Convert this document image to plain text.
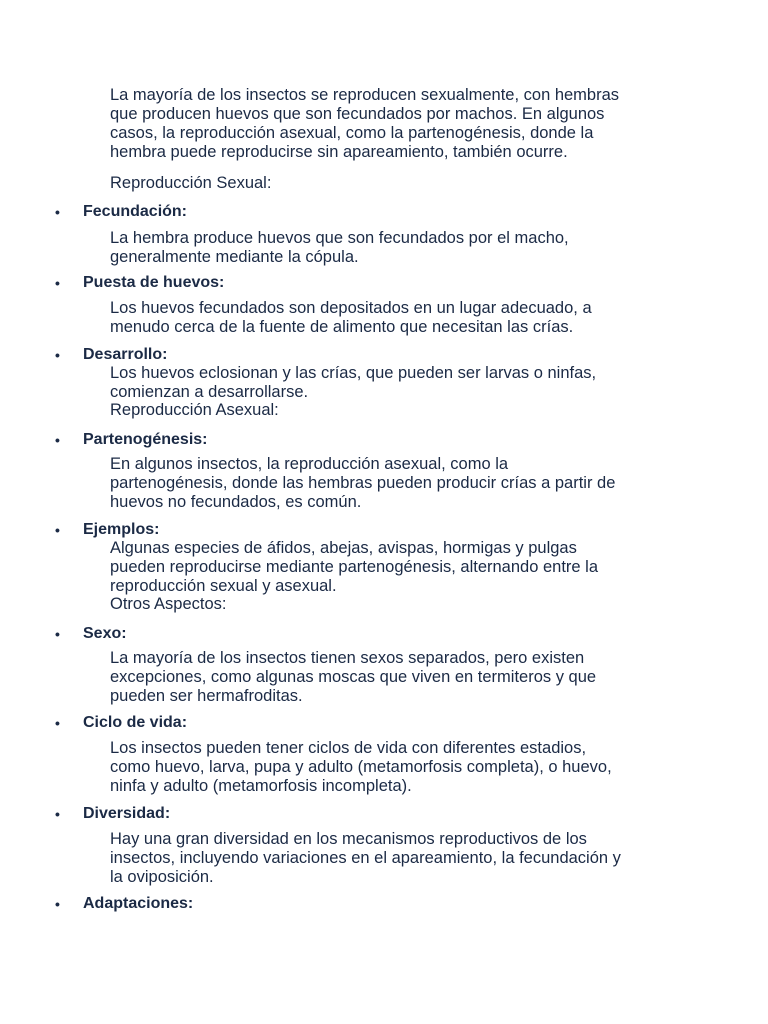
La mayoría de los insectos se reproducen sexualmente, con hembras
que producen huevos que son fecundados por machos. En algunos
casos, la reproducción asexual, como la partenogénesis, donde la
hembra puede reproducirse sin apareamiento, también ocurre.

Reproducción Sexual:

•	Fecundación:

La hembra produce huevos que son fecundados por el macho,
generalmente mediante la cópula.

•	Puesta de huevos:

Los huevos fecundados son depositados en un lugar adecuado, a
menudo cerca de la fuente de alimento que necesitan las crías.

•	Desarrollo:

Los huevos eclosionan y las crías, que pueden ser larvas o ninfas,
comienzan a desarrollarse.

Reproducción Asexual:

•	Partenogénesis:

En algunos insectos, la reproducción asexual, como la
partenogénesis, donde las hembras pueden producir crías a partir de
huevos no fecundados, es común.

•	Ejemplos:

Algunas especies de áfidos, abejas, avispas, hormigas y pulgas
pueden reproducirse mediante partenogénesis, alternando entre la
reproducción sexual y asexual.

Otros Aspectos:

•	Sexo:

La mayoría de los insectos tienen sexos separados, pero existen
excepciones, como algunas moscas que viven en termiteros y que
pueden ser hermafroditas.

•	Ciclo de vida:

Los insectos pueden tener ciclos de vida con diferentes estadios,
como huevo, larva, pupa y adulto (metamorfosis completa), o huevo,
ninfa y adulto (metamorfosis incompleta).

•	Diversidad:

Hay una gran diversidad en los mecanismos reproductivos de los
insectos, incluyendo variaciones en el apareamiento, la fecundación y
la oviposición.

•	Adaptaciones:
